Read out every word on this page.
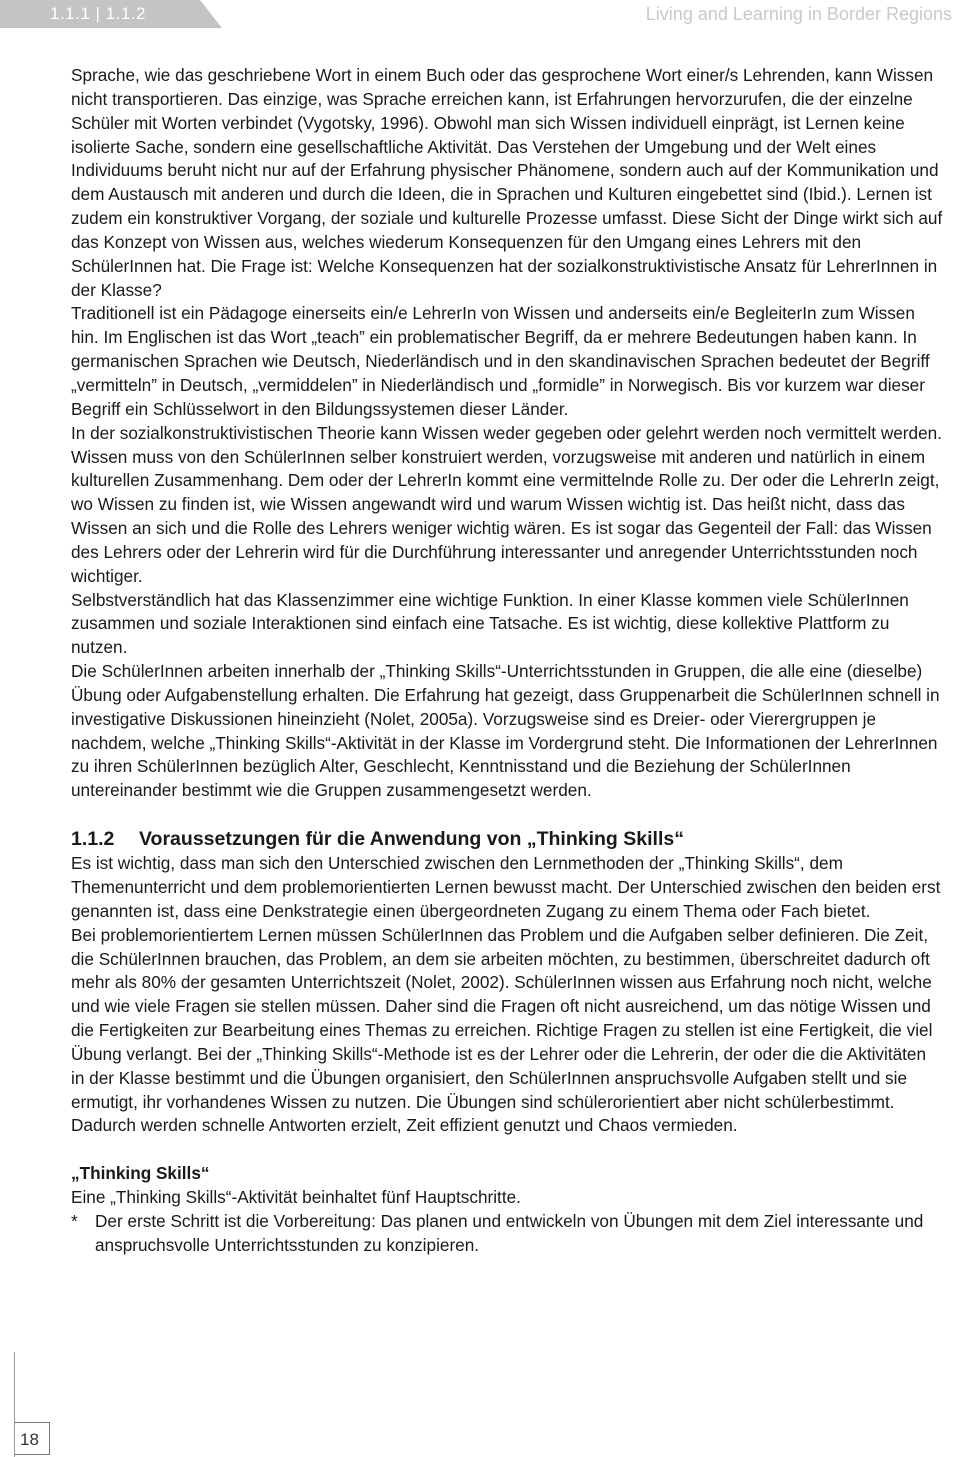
1.1.1 | 1.1.2	Living and Learning in Border Regions

Sprache, wie das geschriebene Wort in einem Buch oder das gesprochene Wort einer/s Lehrenden, kann Wissen nicht transportieren. Das einzige, was Sprache erreichen kann, ist Erfahrungen hervorzurufen, die der einzelne Schüler mit Worten verbindet (Vygotsky, 1996). Obwohl man sich Wissen individuell einprägt, ist Lernen keine isolierte Sache, sondern eine gesellschaftliche Aktivität. Das Verstehen der Umgebung und der Welt eines Individuums beruht nicht nur auf der Erfahrung physischer Phänomene, sondern auch auf der Kommunikation und dem Austausch mit anderen und durch die Ideen, die in Sprachen und Kulturen eingebettet sind (Ibid.). Lernen ist zudem ein konstruktiver Vorgang, der soziale und kulturelle Prozesse umfasst. Diese Sicht der Dinge wirkt sich auf das Konzept von Wissen aus, welches wiederum Konsequenzen für den Umgang eines Lehrers mit den SchülerInnen hat. Die Frage ist: Welche Konsequenzen hat der sozialkonstruktivistische Ansatz für LehrerInnen in der Klasse?

Traditionell ist ein Pädagoge einerseits ein/e LehrerIn von Wissen und anderseits ein/e BegleiterIn zum Wissen hin. Im Englischen ist das Wort „teach” ein problematischer Begriff, da er mehrere Bedeutungen haben kann. In germanischen Sprachen wie Deutsch, Niederländisch und in den skandinavischen Sprachen bedeutet der Begriff „vermitteln” in Deutsch, „vermiddelen” in Niederländisch und „formidle” in Norwegisch. Bis vor kurzem war dieser Begriff ein Schlüsselwort in den Bildungssystemen dieser Länder.

In der sozialkonstruktivistischen Theorie kann Wissen weder gegeben oder gelehrt werden noch vermittelt werden. Wissen muss von den SchülerInnen selber konstruiert werden, vorzugsweise mit anderen und natürlich in einem kulturellen Zusammenhang. Dem oder der LehrerIn kommt eine vermittelnde Rolle zu. Der oder die LehrerIn zeigt, wo Wissen zu finden ist, wie Wissen angewandt wird und warum Wissen wichtig ist. Das heißt nicht, dass das Wissen an sich und die Rolle des Lehrers weniger wichtig wären. Es ist sogar das Gegenteil der Fall: das Wissen des Lehrers oder der Lehrerin wird für die Durchführung interessanter und anregender Unterrichtsstunden noch wichtiger.

Selbstverständlich hat das Klassenzimmer eine wichtige Funktion. In einer Klasse kommen viele SchülerInnen zusammen und soziale Interaktionen sind einfach eine Tatsache. Es ist wichtig, diese kollektive Plattform zu nutzen.

Die SchülerInnen arbeiten innerhalb der „Thinking Skills“-Unterrichtsstunden in Gruppen, die alle eine (dieselbe) Übung oder Aufgabenstellung erhalten. Die Erfahrung hat gezeigt, dass Gruppenarbeit die SchülerInnen schnell in investigative Diskussionen hineinzieht (Nolet, 2005a). Vorzugsweise sind es Dreier- oder Vierergruppen je nachdem, welche „Thinking Skills“-Aktivität in der Klasse im Vordergrund steht. Die Informationen der LehrerInnen zu ihren SchülerInnen bezüglich Alter, Geschlecht, Kenntnisstand und die Beziehung der SchülerInnen untereinander bestimmt wie die Gruppen zusammengesetzt werden.

1.1.2 Voraussetzungen für die Anwendung von „Thinking Skills“

Es ist wichtig, dass man sich den Unterschied zwischen den Lernmethoden der „Thinking Skills“, dem Themenunterricht und dem problemorientierten Lernen bewusst macht. Der Unterschied zwischen den beiden erst genannten ist, dass eine Denkstrategie einen übergeordneten Zugang zu einem Thema oder Fach bietet.

Bei problemorientiertem Lernen müssen SchülerInnen das Problem und die Aufgaben selber definieren. Die Zeit, die SchülerInnen brauchen, das Problem, an dem sie arbeiten möchten, zu bestimmen, überschreitet dadurch oft mehr als 80% der gesamten Unterrichtszeit (Nolet, 2002). SchülerInnen wissen aus Erfahrung noch nicht, welche und wie viele Fragen sie stellen müssen. Daher sind die Fragen oft nicht ausreichend, um das nötige Wissen und die Fertigkeiten zur Bearbeitung eines Themas zu erreichen. Richtige Fragen zu stellen ist eine Fertigkeit, die viel Übung verlangt. Bei der „Thinking Skills“-Methode ist es der Lehrer oder die Lehrerin, der oder die die Aktivitäten in der Klasse bestimmt und die Übungen organisiert, den SchülerInnen anspruchsvolle Aufgaben stellt und sie ermutigt, ihr vorhandenes Wissen zu nutzen. Die Übungen sind schülerorientiert aber nicht schülerbestimmt. Dadurch werden schnelle Antworten erzielt, Zeit effizient genutzt und Chaos vermieden.

„Thinking Skills“

Eine „Thinking Skills“-Aktivität beinhaltet fünf Hauptschritte.

* Der erste Schritt ist die Vorbereitung: Das planen und entwickeln von Übungen mit dem Ziel interessante und anspruchsvolle Unterrichtsstunden zu konzipieren.

18
